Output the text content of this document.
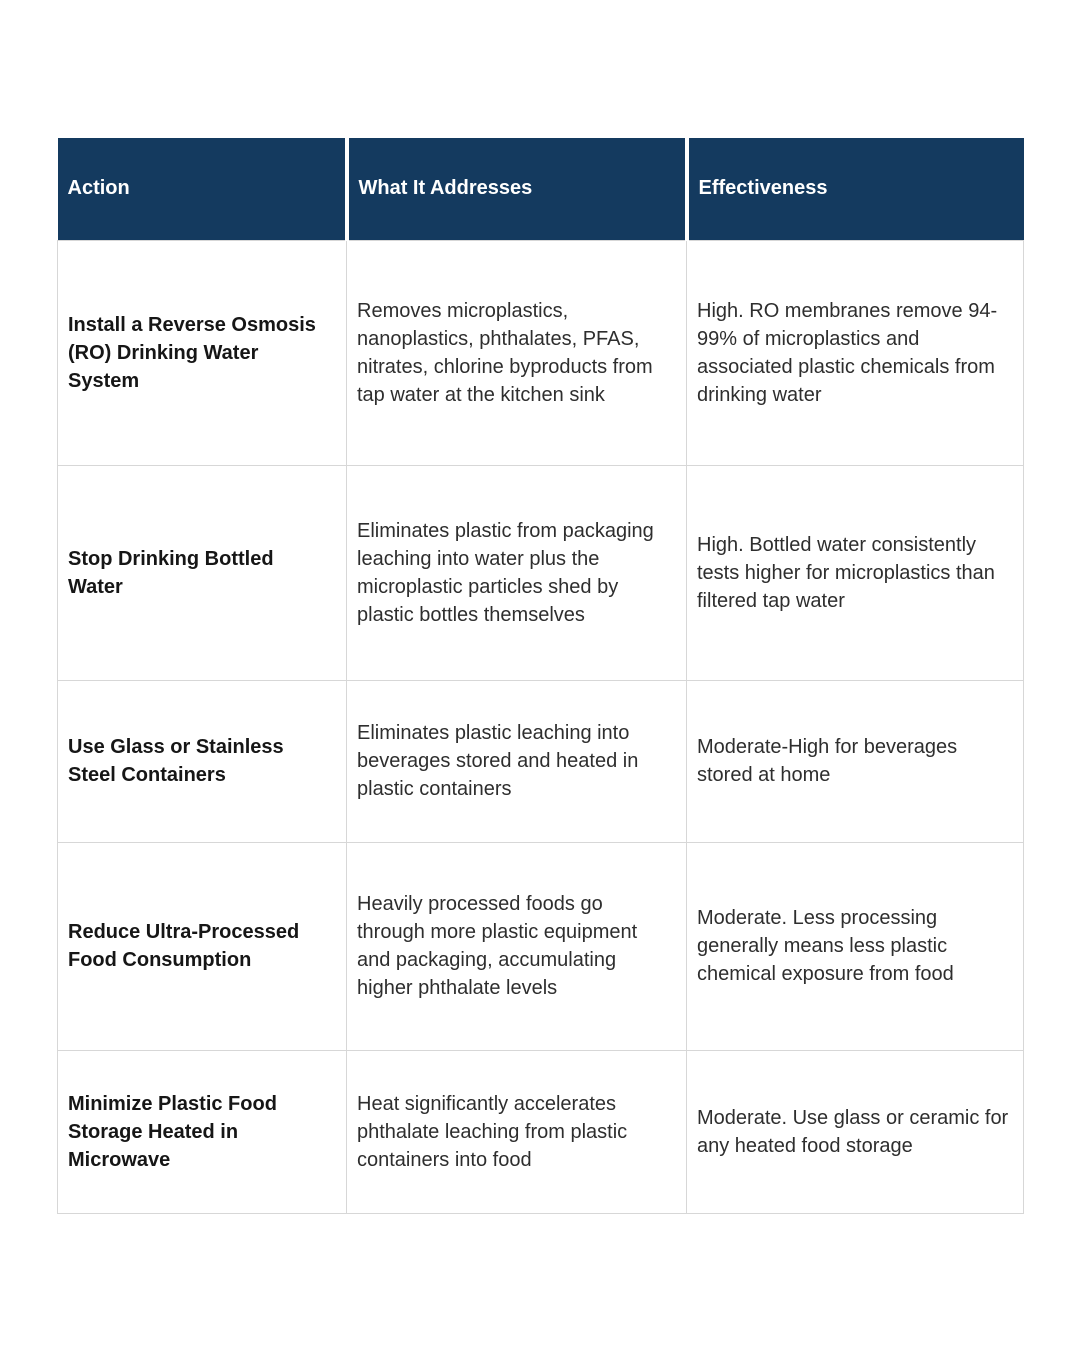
Action	What It Addresses	Effectiveness
Install a Reverse Osmosis (RO) Drinking Water System	Removes microplastics, nanoplastics, phthalates, PFAS, nitrates, chlorine byproducts from tap water at the kitchen sink	High. RO membranes remove 94-99% of microplastics and associated plastic chemicals from drinking water
Stop Drinking Bottled Water	Eliminates plastic from packaging leaching into water plus the microplastic particles shed by plastic bottles themselves	High. Bottled water consistently tests higher for microplastics than filtered tap water
Use Glass or Stainless Steel Containers	Eliminates plastic leaching into beverages stored and heated in plastic containers	Moderate-High for beverages stored at home
Reduce Ultra-Processed Food Consumption	Heavily processed foods go through more plastic equipment and packaging, accumulating higher phthalate levels	Moderate. Less processing generally means less plastic chemical exposure from food
Minimize Plastic Food Storage Heated in Microwave	Heat significantly accelerates phthalate leaching from plastic containers into food	Moderate. Use glass or ceramic for any heated food storage
